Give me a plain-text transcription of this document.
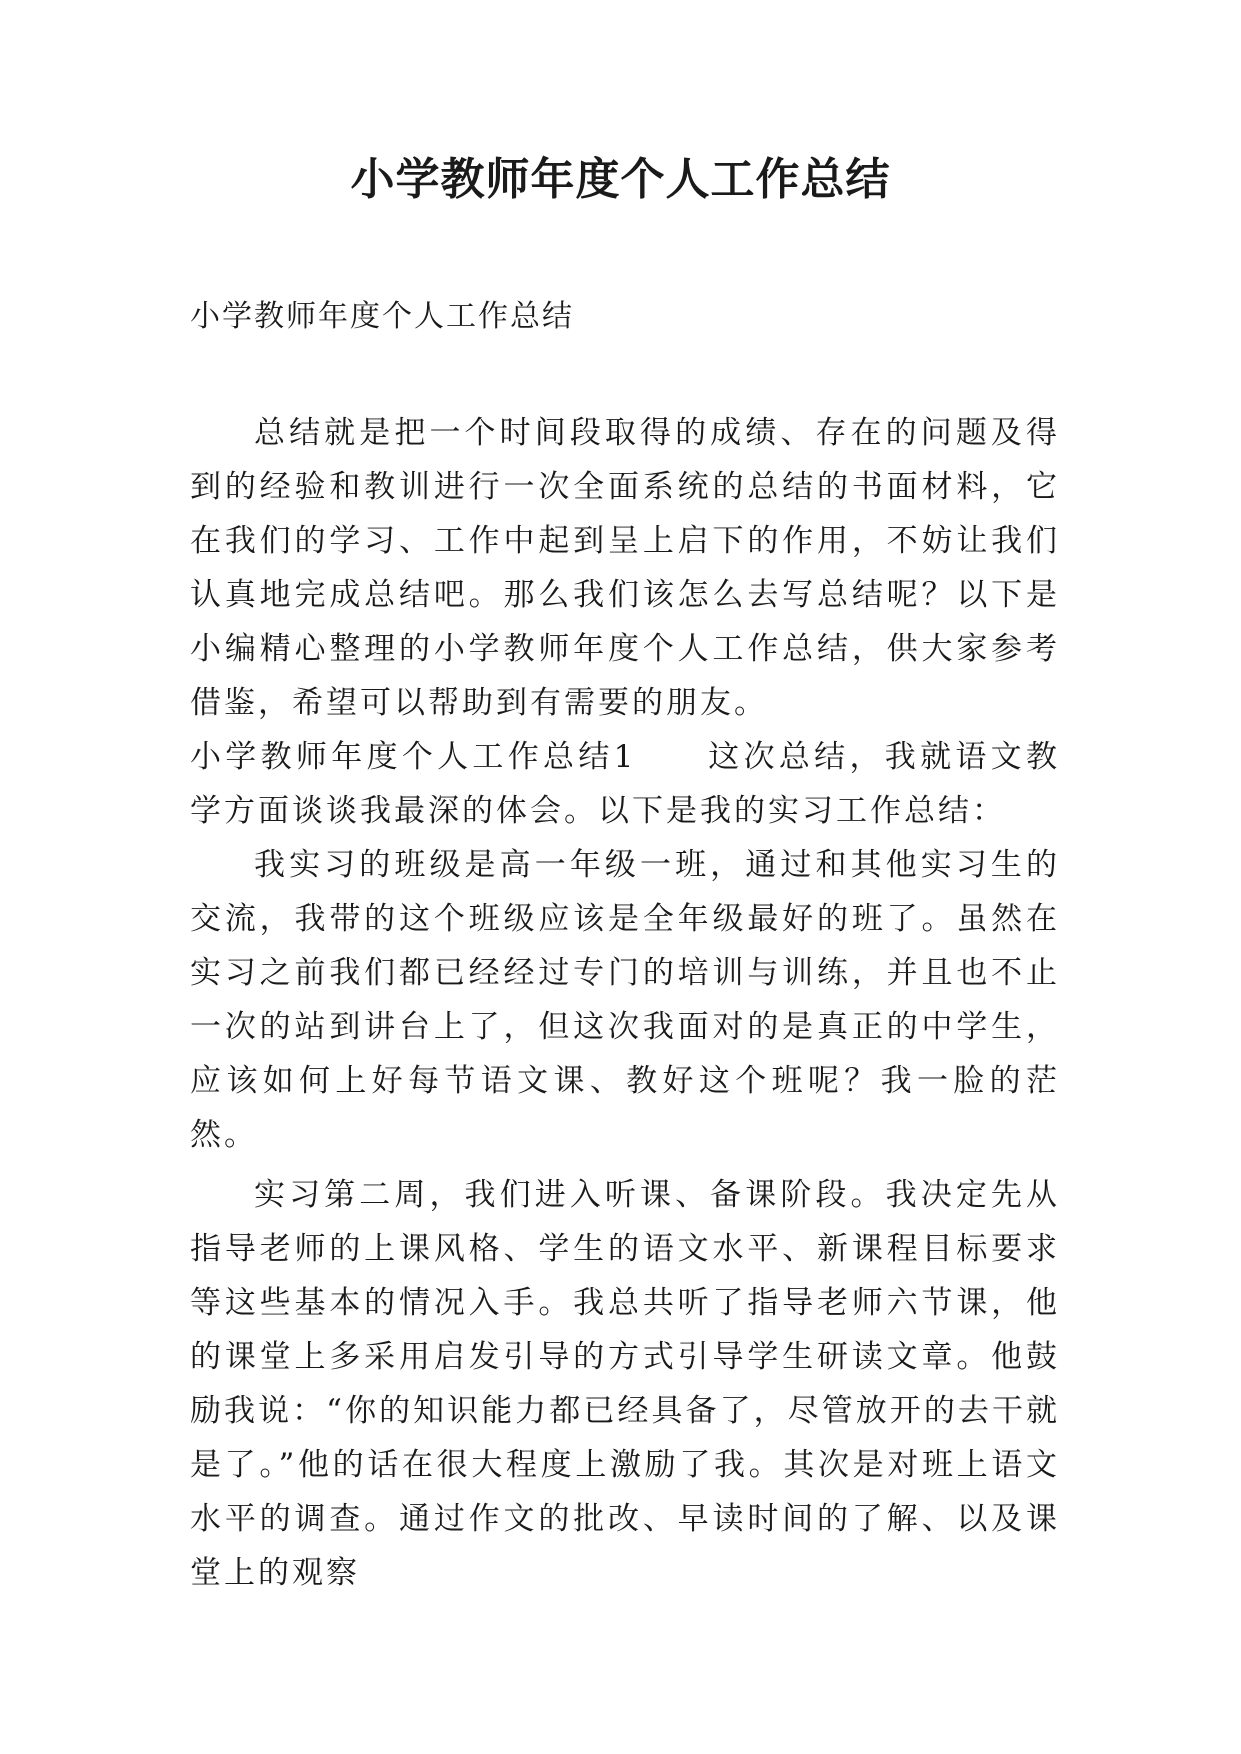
小学教师年度个人工作总结

小学教师年度个人工作总结

总结就是把一个时间段取得的成绩、存在的问题及得到的经验和教训进行一次全面系统的总结的书面材料，它在我们的学习、工作中起到呈上启下的作用，不妨让我们认真地完成总结吧。那么我们该怎么去写总结呢？以下是小编精心整理的小学教师年度个人工作总结，供大家参考借鉴，希望可以帮助到有需要的朋友。

小学教师年度个人工作总结1　　这次总结，我就语文教学方面谈谈我最深的体会。以下是我的实习工作总结：

我实习的班级是高一年级一班，通过和其他实习生的交流，我带的这个班级应该是全年级最好的班了。虽然在实习之前我们都已经经过专门的培训与训练，并且也不止一次的站到讲台上了，但这次我面对的是真正的中学生，应该如何上好每节语文课、教好这个班呢？我一脸的茫然。

实习第二周，我们进入听课、备课阶段。我决定先从指导老师的上课风格、学生的语文水平、新课程目标要求等这些基本的情况入手。我总共听了指导老师六节课，他的课堂上多采用启发引导的方式引导学生研读文章。他鼓励我说：“你的知识能力都已经具备了，尽管放开的去干就是了。”他的话在很大程度上激励了我。其次是对班上语文水平的调查。通过作文的批改、早读时间的了解、以及课堂上的观察
